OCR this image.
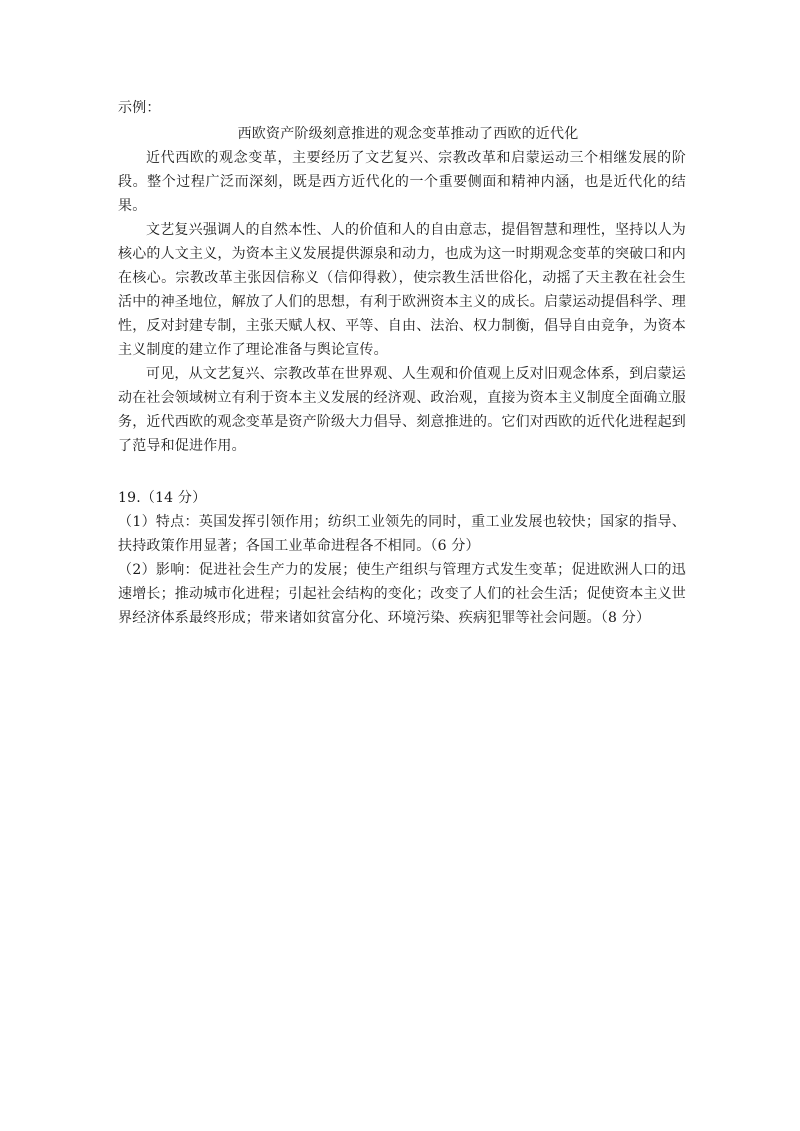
示例：

西欧资产阶级刻意推进的观念变革推动了西欧的近代化

近代西欧的观念变革，主要经历了文艺复兴、宗教改革和启蒙运动三个相继发展的阶段。整个过程广泛而深刻，既是西方近代化的一个重要侧面和精神内涵，也是近代化的结果。

文艺复兴强调人的自然本性、人的价值和人的自由意志，提倡智慧和理性，坚持以人为核心的人文主义，为资本主义发展提供源泉和动力，也成为这一时期观念变革的突破口和内在核心。宗教改革主张因信称义（信仰得救），使宗教生活世俗化，动摇了天主教在社会生活中的神圣地位，解放了人们的思想，有利于欧洲资本主义的成长。启蒙运动提倡科学、理性，反对封建专制，主张天赋人权、平等、自由、法治、权力制衡，倡导自由竞争，为资本主义制度的建立作了理论准备与舆论宣传。

可见，从文艺复兴、宗教改革在世界观、人生观和价值观上反对旧观念体系，到启蒙运动在社会领域树立有利于资本主义发展的经济观、政治观，直接为资本主义制度全面确立服务，近代西欧的观念变革是资产阶级大力倡导、刻意推进的。它们对西欧的近代化进程起到了范导和促进作用。

19.（14 分）

（1）特点：英国发挥引领作用；纺织工业领先的同时，重工业发展也较快；国家的指导、扶持政策作用显著；各国工业革命进程各不相同。（6 分）

（2）影响：促进社会生产力的发展；使生产组织与管理方式发生变革；促进欧洲人口的迅速增长；推动城市化进程；引起社会结构的变化；改变了人们的社会生活；促使资本主义世界经济体系最终形成；带来诸如贫富分化、环境污染、疾病犯罪等社会问题。（8 分）
